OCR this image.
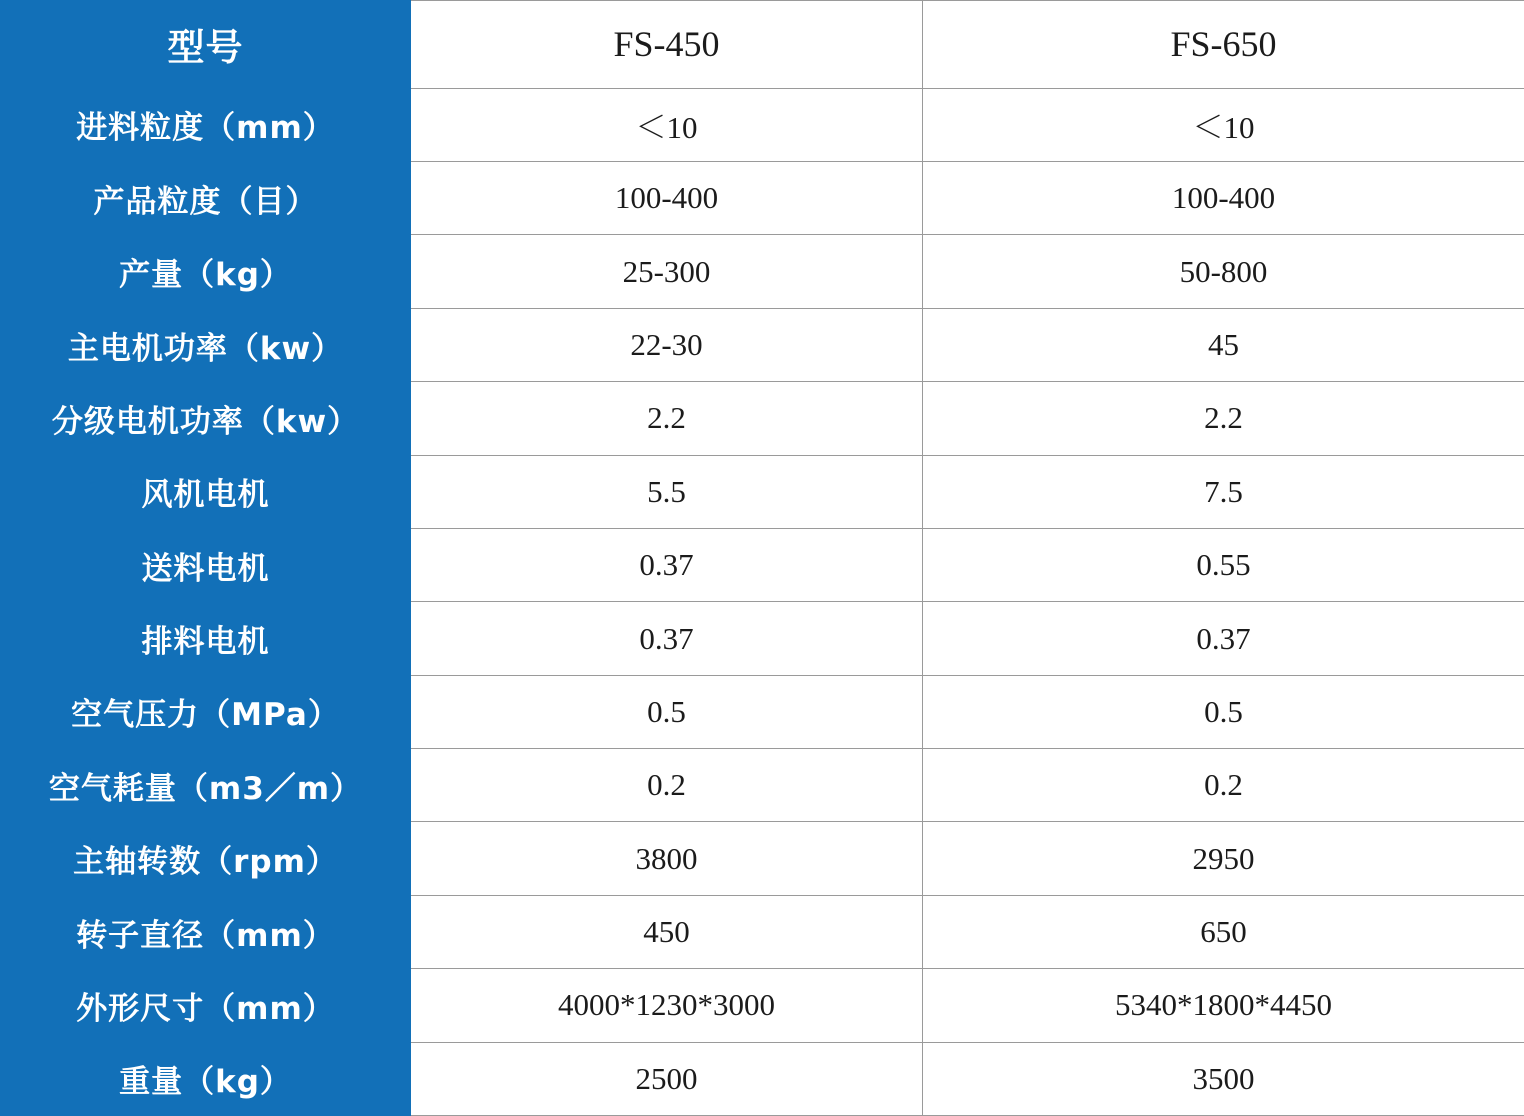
型号	FS-450	FS-650
进料粒度（mm）	＜10	＜10
产品粒度（目）	100-400	100-400
产量（kg）	25-300	50-800
主电机功率（kw）	22-30	45
分级电机功率（kw）	2.2	2.2
风机电机	5.5	7.5
送料电机	0.37	0.55
排料电机	0.37	0.37
空气压力（MPa）	0.5	0.5
空气耗量（m3／m）	0.2	0.2
主轴转数（rpm）	3800	2950
转子直径（mm）	450	650
外形尺寸（mm）	4000*1230*3000	5340*1800*4450
重量（kg）	2500	3500
